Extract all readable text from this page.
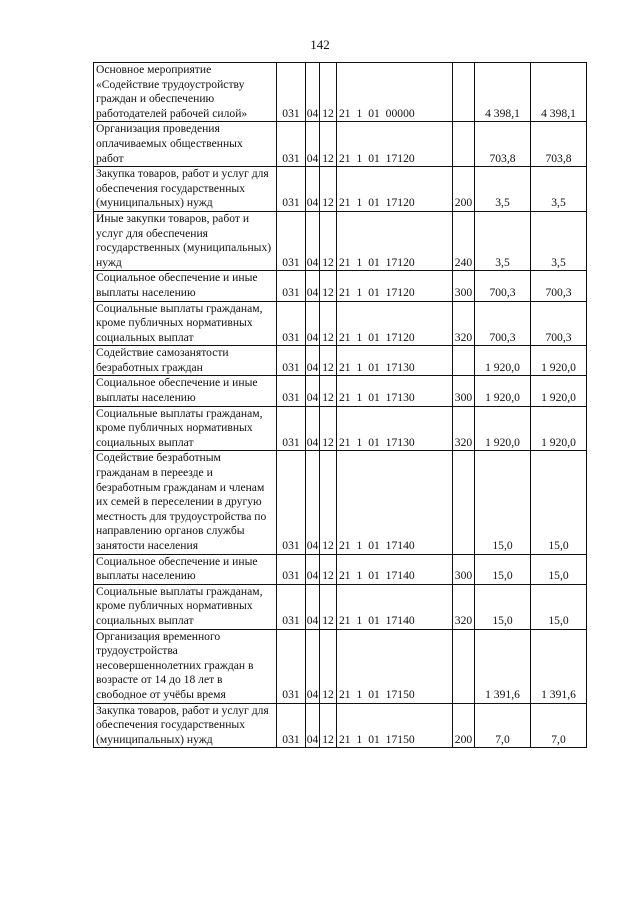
142
Основное мероприятие «Содействие трудоустройству граждан и обеспечению работодателей рабочей силой»	031	04	12	21 1 01 00000		4 398,1	4 398,1
Организация проведения оплачиваемых общественных работ	031	04	12	21 1 01 17120		703,8	703,8
Закупка товаров, работ и услуг для обеспечения государственных (муниципальных) нужд	031	04	12	21 1 01 17120	200	3,5	3,5
Иные закупки товаров, работ и услуг для обеспечения государственных (муниципальных) нужд	031	04	12	21 1 01 17120	240	3,5	3,5
Социальное обеспечение и иные выплаты населению	031	04	12	21 1 01 17120	300	700,3	700,3
Социальные выплаты гражданам, кроме публичных нормативных социальных выплат	031	04	12	21 1 01 17120	320	700,3	700,3
Содействие самозанятости безработных граждан	031	04	12	21 1 01 17130		1 920,0	1 920,0
Социальное обеспечение и иные выплаты населению	031	04	12	21 1 01 17130	300	1 920,0	1 920,0
Социальные выплаты гражданам, кроме публичных нормативных социальных выплат	031	04	12	21 1 01 17130	320	1 920,0	1 920,0
Содействие безработным гражданам в переезде и безработным гражданам и членам их семей в переселении в другую местность для трудоустройства по направлению органов службы занятости населения	031	04	12	21 1 01 17140		15,0	15,0
Социальное обеспечение и иные выплаты населению	031	04	12	21 1 01 17140	300	15,0	15,0
Социальные выплаты гражданам, кроме публичных нормативных социальных выплат	031	04	12	21 1 01 17140	320	15,0	15,0
Организация временного трудоустройства несовершеннолетних граждан в возрасте от 14 до 18 лет в свободное от учёбы время	031	04	12	21 1 01 17150		1 391,6	1 391,6
Закупка товаров, работ и услуг для обеспечения государственных (муниципальных) нужд	031	04	12	21 1 01 17150	200	7,0	7,0
